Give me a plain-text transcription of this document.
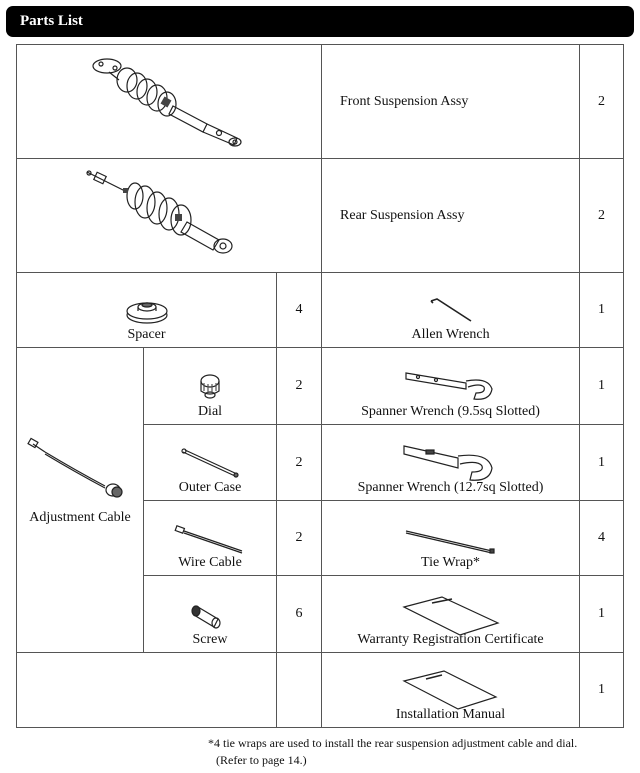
Parts List
	Front Suspension Assy	2

	Rear Suspension Assy	2

Spacer		4	Allen Wrench	1

Adjustment Cable	Dial	2	Spanner Wrench (9.5sq Slotted)	1

	Outer Case	2	Spanner Wrench (12.7sq Slotted)	1

	Wire Cable	2	Tie Wrap*	4

	Screw	6	Warranty Registration Certificate	1

			Installation Manual	1
*4 tie wraps are used to install the rear suspension adjustment cable and dial.
(Refer to page 14.)
